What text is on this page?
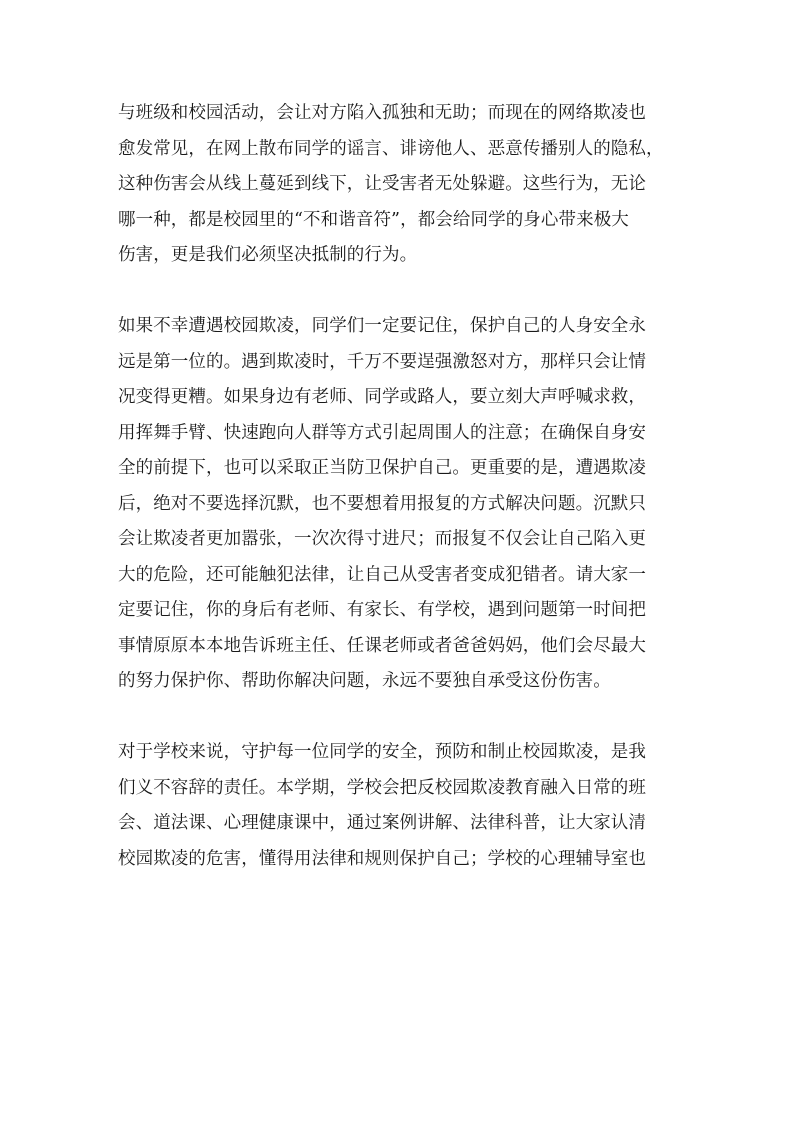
与班级和校园活动，会让对方陷入孤独和无助；而现在的网络欺凌也
愈发常见，在网上散布同学的谣言、诽谤他人、恶意传播别人的隐私，
这种伤害会从线上蔓延到线下，让受害者无处躲避。这些行为，无论
哪一种，都是校园里的“不和谐音符”，都会给同学的身心带来极大
伤害，更是我们必须坚决抵制的行为。

如果不幸遭遇校园欺凌，同学们一定要记住，保护自己的人身安全永
远是第一位的。遇到欺凌时，千万不要逞强激怒对方，那样只会让情
况变得更糟。如果身边有老师、同学或路人，要立刻大声呼喊求救，
用挥舞手臂、快速跑向人群等方式引起周围人的注意；在确保自身安
全的前提下，也可以采取正当防卫保护自己。更重要的是，遭遇欺凌
后，绝对不要选择沉默，也不要想着用报复的方式解决问题。沉默只
会让欺凌者更加嚣张，一次次得寸进尺；而报复不仅会让自己陷入更
大的危险，还可能触犯法律，让自己从受害者变成犯错者。请大家一
定要记住，你的身后有老师、有家长、有学校，遇到问题第一时间把
事情原原本本地告诉班主任、任课老师或者爸爸妈妈，他们会尽最大
的努力保护你、帮助你解决问题，永远不要独自承受这份伤害。

对于学校来说，守护每一位同学的安全，预防和制止校园欺凌，是我
们义不容辞的责任。本学期，学校会把反校园欺凌教育融入日常的班
会、道法课、心理健康课中，通过案例讲解、法律科普，让大家认清
校园欺凌的危害，懂得用法律和规则保护自己；学校的心理辅导室也
